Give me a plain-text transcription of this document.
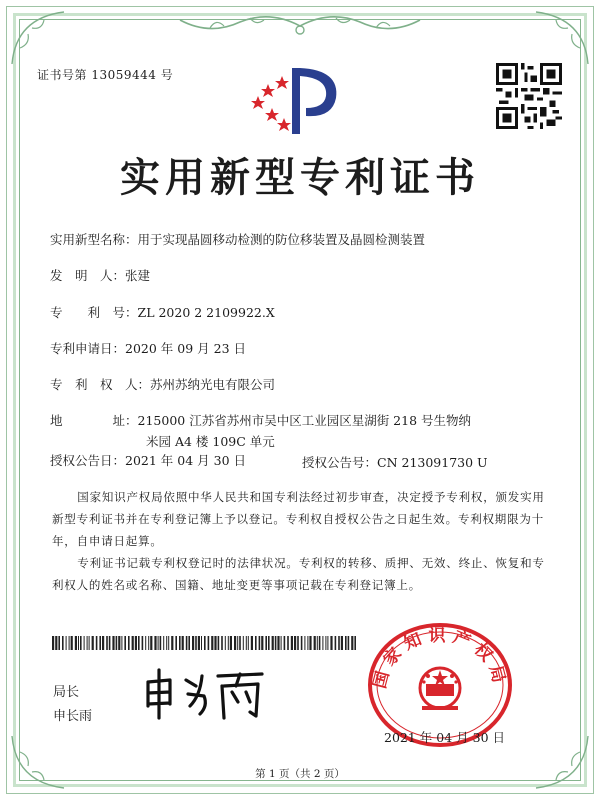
证书号第 13059444 号
实用新型专利证书
实用新型名称：用于实现晶圆移动检测的防位移装置及晶圆检测装置
发　明　人：张建
专　　利　号：ZL 2020 2 2109922.X
专利申请日：2020 年 09 月 23 日
专　利　权　人：苏州苏纳光电有限公司
地　　　　址：215000 江苏省苏州市吴中区工业园区星湖街 218 号生物纳
米园 A4 楼 109C 单元
授权公告日：2021 年 04 月 30 日	授权公告号：CN 213091730 U
国家知识产权局依照中华人民共和国专利法经过初步审查，决定授予专利权，颁发实用新型专利证书并在专利登记簿上予以登记。专利权自授权公告之日起生效。专利权期限为十年，自申请日起算。
专利证书记载专利权登记时的法律状况。专利权的转移、质押、无效、终止、恢复和专利权人的姓名或名称、国籍、地址变更等事项记载在专利登记簿上。
局长
申长雨
国家知识产权局
2021 年 04 月 30 日
第 1 页（共 2 页）
